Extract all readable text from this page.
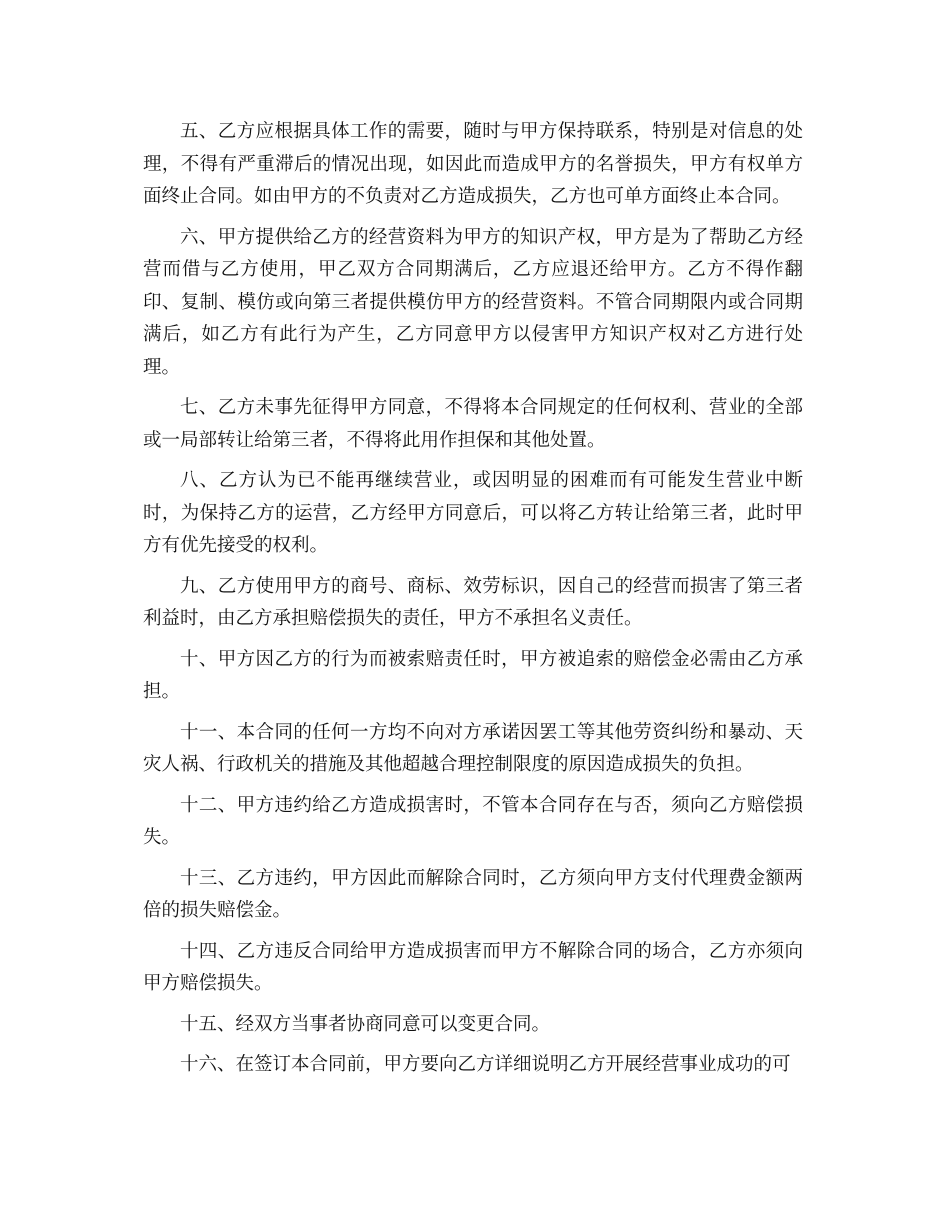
五、乙方应根据具体工作的需要，随时与甲方保持联系，特别是对信息的处理，不得有严重滞后的情况出现，如因此而造成甲方的名誉损失，甲方有权单方面终止合同。如由甲方的不负责对乙方造成损失，乙方也可单方面终止本合同。

六、甲方提供给乙方的经营资料为甲方的知识产权，甲方是为了帮助乙方经营而借与乙方使用，甲乙双方合同期满后，乙方应退还给甲方。乙方不得作翻印、复制、模仿或向第三者提供模仿甲方的经营资料。不管合同期限内或合同期满后，如乙方有此行为产生，乙方同意甲方以侵害甲方知识产权对乙方进行处理。

七、乙方未事先征得甲方同意，不得将本合同规定的任何权利、营业的全部或一局部转让给第三者，不得将此用作担保和其他处置。

八、乙方认为已不能再继续营业，或因明显的困难而有可能发生营业中断时，为保持乙方的运营，乙方经甲方同意后，可以将乙方转让给第三者，此时甲方有优先接受的权利。

九、乙方使用甲方的商号、商标、效劳标识，因自己的经营而损害了第三者利益时，由乙方承担赔偿损失的责任，甲方不承担名义责任。

十、甲方因乙方的行为而被索赔责任时，甲方被追索的赔偿金必需由乙方承担。

十一、本合同的任何一方均不向对方承诺因罢工等其他劳资纠纷和暴动、天灾人祸、行政机关的措施及其他超越合理控制限度的原因造成损失的负担。

十二、甲方违约给乙方造成损害时，不管本合同存在与否，须向乙方赔偿损失。

十三、乙方违约，甲方因此而解除合同时，乙方须向甲方支付代理费金额两倍的损失赔偿金。

十四、乙方违反合同给甲方造成损害而甲方不解除合同的场合，乙方亦须向甲方赔偿损失。

十五、经双方当事者协商同意可以变更合同。

十六、在签订本合同前，甲方要向乙方详细说明乙方开展经营事业成功的可
